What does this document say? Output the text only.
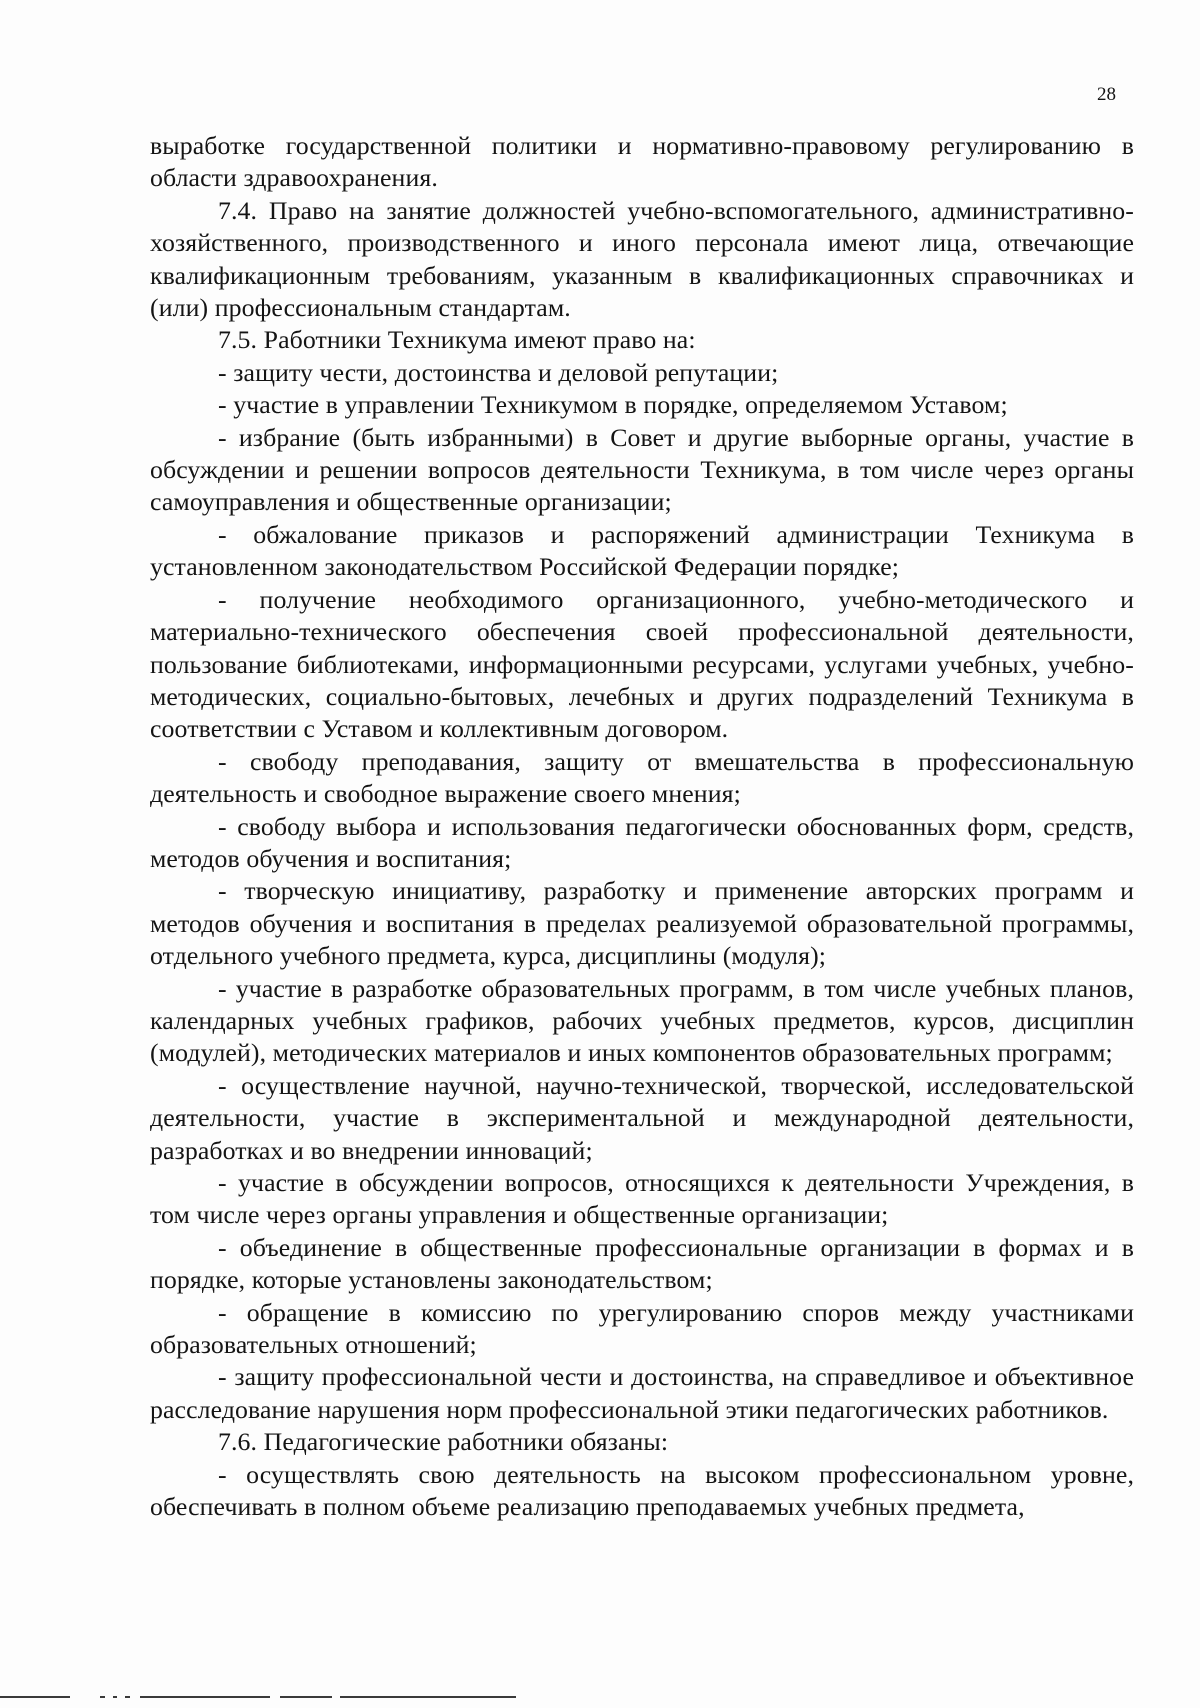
28

выработке государственной политики и нормативно-правовому регулированию в области здравоохранения.

7.4. Право на занятие должностей учебно-вспомогательного, административно-хозяйственного, производственного и иного персонала имеют лица, отвечающие квалификационным требованиям, указанным в квалификационных справочниках и (или) профессиональным стандартам.

7.5. Работники Техникума имеют право на:

- защиту чести, достоинства и деловой репутации;

- участие в управлении Техникумом в порядке, определяемом Уставом;

- избрание (быть избранными) в Совет и другие выборные органы, участие в обсуждении и решении вопросов деятельности Техникума, в том числе через органы самоуправления и общественные организации;

- обжалование приказов и распоряжений администрации Техникума в установленном законодательством Российской Федерации порядке;

- получение необходимого организационного, учебно-методического и материально-технического обеспечения своей профессиональной деятельности, пользование библиотеками, информационными ресурсами, услугами учебных, учебно-методических, социально-бытовых, лечебных и других подразделений Техникума в соответствии с Уставом и коллективным договором.

- свободу преподавания, защиту от вмешательства в профессиональную деятельность и свободное выражение своего мнения;

- свободу выбора и использования педагогически обоснованных форм, средств, методов обучения и воспитания;

- творческую инициативу, разработку и применение авторских программ и методов обучения и воспитания в пределах реализуемой образовательной программы, отдельного учебного предмета, курса, дисциплины (модуля);

- участие в разработке образовательных программ, в том числе учебных планов, календарных учебных графиков, рабочих учебных предметов, курсов, дисциплин (модулей), методических материалов и иных компонентов образовательных программ;

- осуществление научной, научно-технической, творческой, исследовательской деятельности, участие в экспериментальной и международной деятельности, разработках и во внедрении инноваций;

- участие в обсуждении вопросов, относящихся к деятельности Учреждения, в том числе через органы управления и общественные организации;

- объединение в общественные профессиональные организации в формах и в порядке, которые установлены законодательством;

- обращение в комиссию по урегулированию споров между участниками образовательных отношений;

- защиту профессиональной чести и достоинства, на справедливое и объективное расследование нарушения норм профессиональной этики педагогических работников.

7.6. Педагогические работники обязаны:

- осуществлять свою деятельность на высоком профессиональном уровне, обеспечивать в полном объеме реализацию преподаваемых учебных предмета,
